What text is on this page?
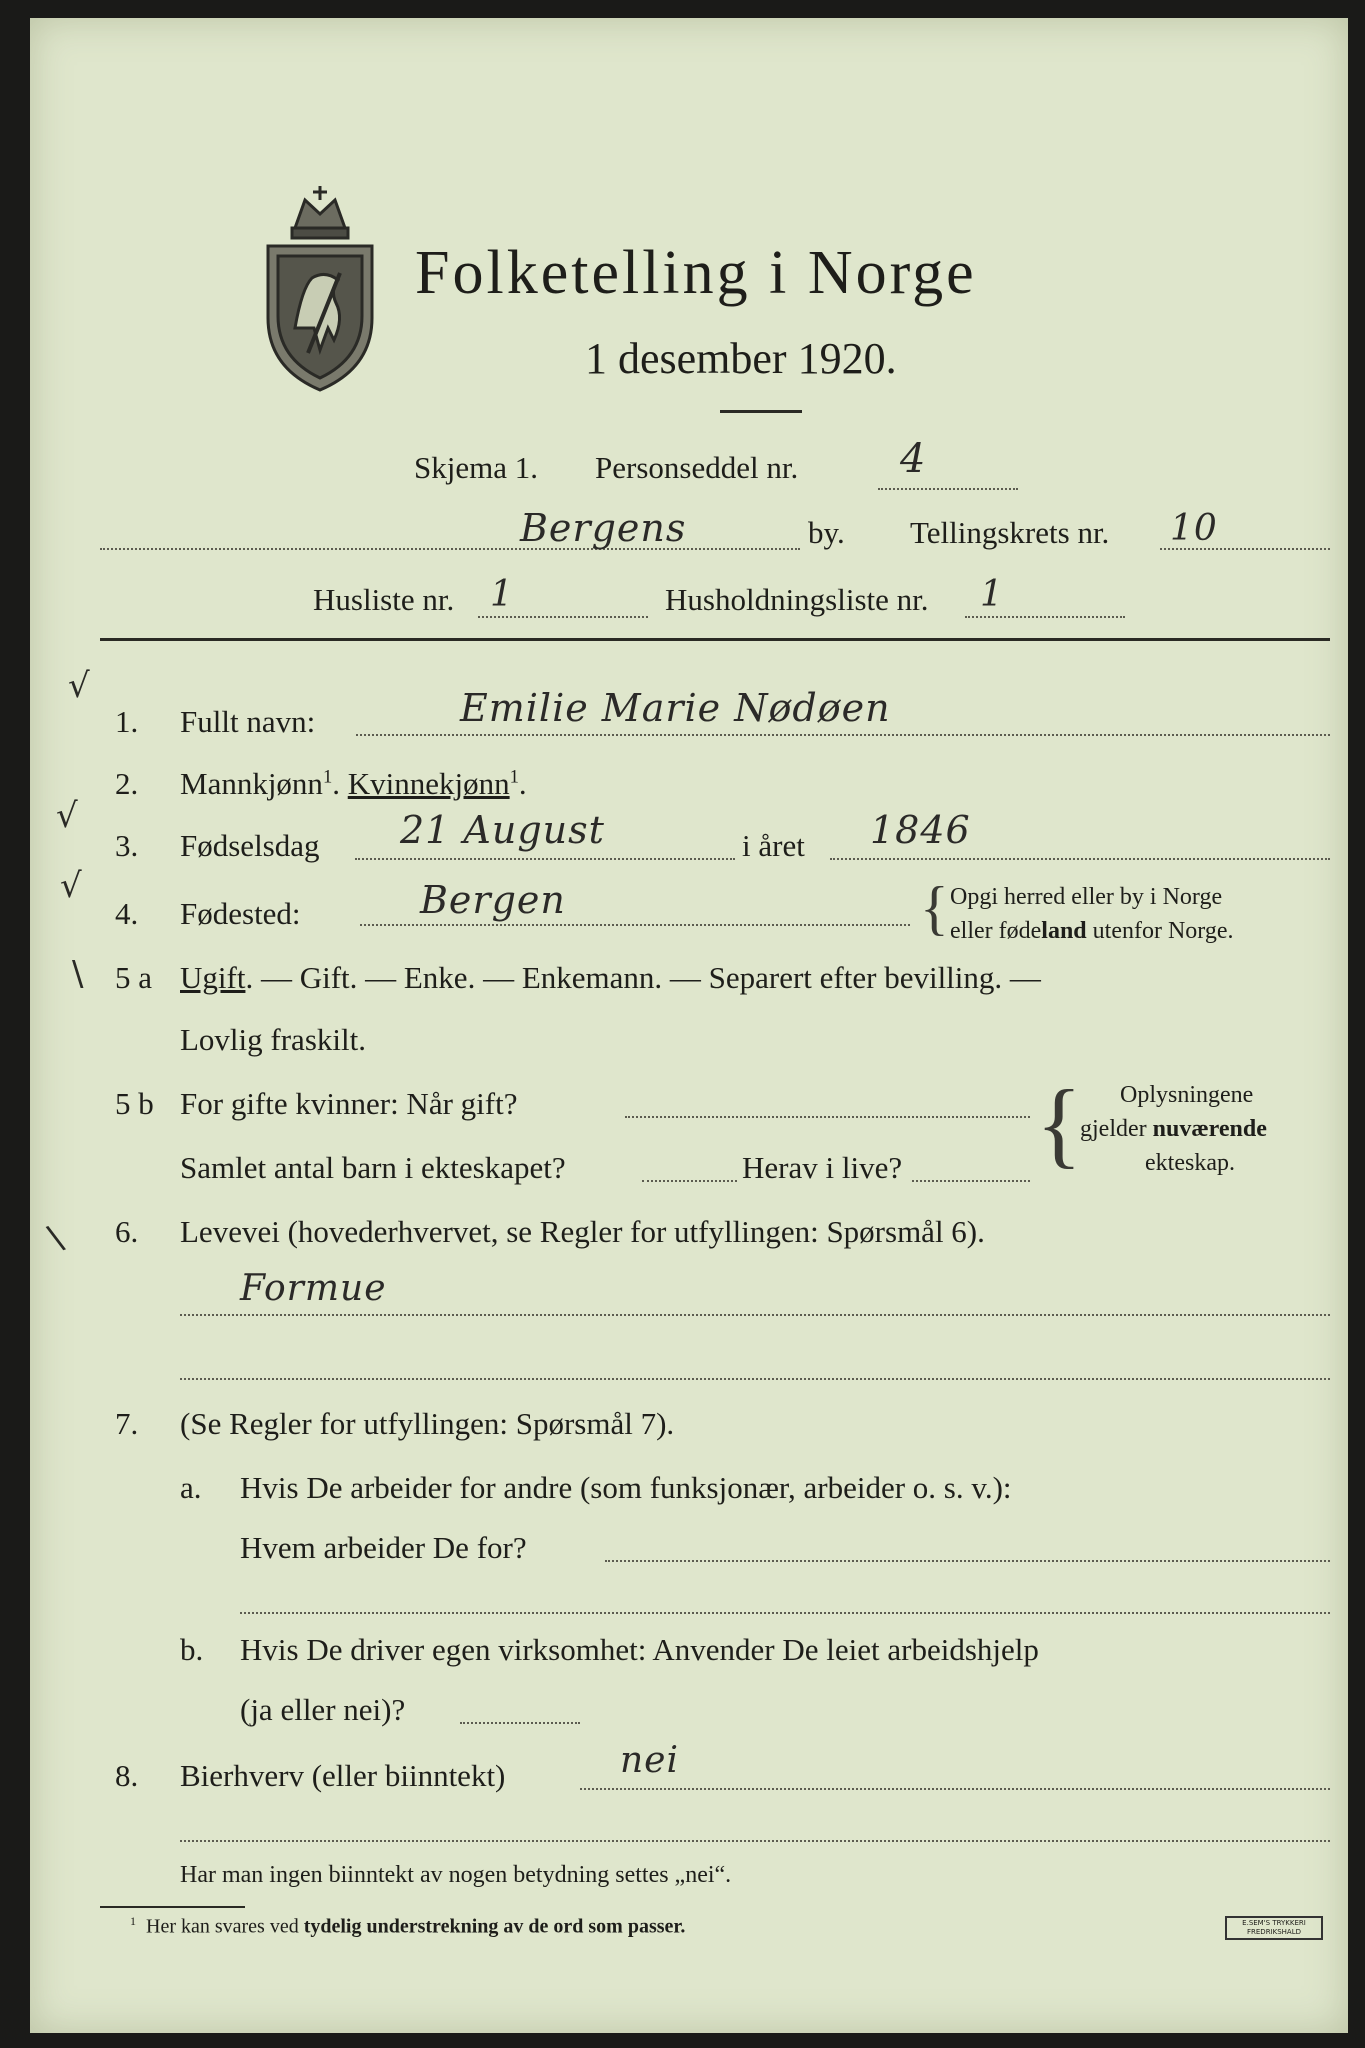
Folketelling i Norge
1 desember 1920.
Skjema 1. Personseddel nr.	4
Bergens	by. Tellingskrets nr. 10
Husliste nr. 1	Husholdningsliste nr. 1
√
√
√
\
\
1. Fullt navn:	Emilie Marie Nødøen
2. Mannkjønn$^1$. Kvinnekjønn$^1$.
3. Fødselsdag 21 August	i året 1846
4. Fødested:	Bergen	{ Opgi herred eller by i Norge
eller fødeland utenfor Norge.
5 a Ugift. — Gift. — Enke. — Enkemann. — Separert efter bevilling. —
Lovlig fraskilt.
5 b For gifte kvinner: Når gift?
Samlet antal barn i ekteskapet?	Herav i live? { Oplysningene
gjelder nuværende
ekteskap.
6. Levevei (hovederhvervet, se Regler for utfyllingen: Spørsmål 6).
Formue
7. (Se Regler for utfyllingen: Spørsmål 7).
a. Hvis De arbeider for andre (som funksjonær, arbeider o. s. v.):
Hvem arbeider De for?
b. Hvis De driver egen virksomhet: Anvender De leiet arbeidshjelp
(ja eller nei)?
8. Bierhverv (eller biinntekt)	nei
Har man ingen biinntekt av nogen betydning settes „nei“.
$^1$ Her kan svares ved tydelig understrekning av de ord som passer.	E.SEM'S TRYKKERI
FREDRIKSHALD
